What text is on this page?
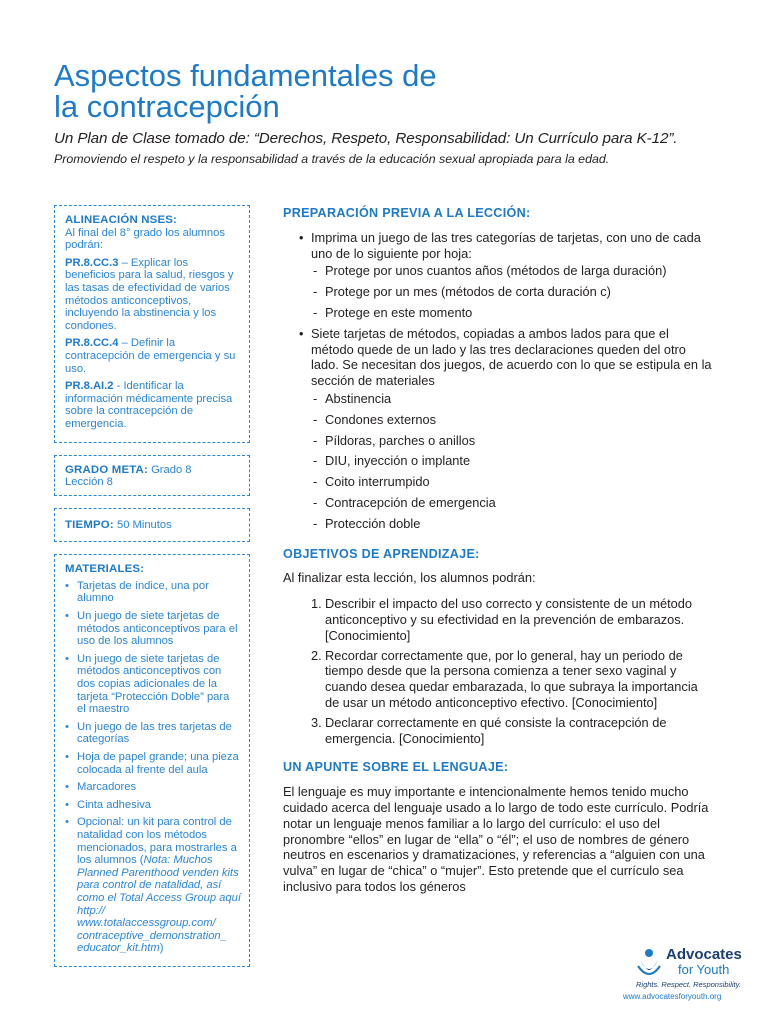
Aspectos fundamentales de
la contracepción
Un Plan de Clase tomado de: “Derechos, Respeto, Responsabilidad: Un Currículo para K-12”.
Promoviendo el respeto y la responsabilidad a través de la educación sexual apropiada para la edad.
ALINEACIÓN NSES:

Al final del 8° grado los alumnos podrán:

PR.8.CC.3 – Explicar los beneficios para la salud, riesgos y las tasas de efectividad de varios métodos anticonceptivos, incluyendo la abstinencia y los condones.

PR.8.CC.4 – Definir la contracepción de emergencia y su uso.

PR.8.AI.2 - Identificar la información médicamente precisa sobre la contracepción de emergencia.

GRADO META: Grado 8
Lección 8
TIEMPO: 50 Minutos
MATERIALES:
• Tarjetas de índice, una por alumno
• Un juego de siete tarjetas de métodos anticonceptivos para el uso de los alumnos
• Un juego de siete tarjetas de métodos anticonceptivos con dos copias adicionales de la tarjeta “Protección Doble” para el maestro
• Un juego de las tres tarjetas de categorías
• Hoja de papel grande; una pieza colocada al frente del aula
• Marcadores
• Cinta adhesiva
• Opcional: un kit para control de natalidad con los métodos mencionados, para mostrarles a los alumnos (Nota: Muchos Planned Parenthood venden kits para control de natalidad, así como el Total Access Group aquí http:// www.totalaccessgroup.com/ contraceptive_demonstration_ educator_kit.htm)
PREPARACIÓN PREVIA A LA LECCIÓN:
• Imprima un juego de las tres categorías de tarjetas, con uno de cada uno de lo siguiente por hoja:
- Protege por unos cuantos años (métodos de larga duración)
- Protege por un mes (métodos de corta duración c)
- Protege en este momento
• Siete tarjetas de métodos, copiadas a ambos lados para que el método quede de un lado y las tres declaraciones queden del otro lado. Se necesitan dos juegos, de acuerdo con lo que se estipula en la sección de materiales
- Abstinencia
- Condones externos
- Píldoras, parches o anillos
- DIU, inyección o implante
- Coito interrumpido
- Contracepción de emergencia
- Protección doble
OBJETIVOS DE APRENDIZAJE:
Al finalizar esta lección, los alumnos podrán:
1. Describir el impacto del uso correcto y consistente de un método anticonceptivo y su efectividad en la prevención de embarazos. [Conocimiento]
2. Recordar correctamente que, por lo general, hay un periodo de tiempo desde que la persona comienza a tener sexo vaginal y cuando desea quedar embarazada, lo que subraya la importancia de usar un método anticonceptivo efectivo. [Conocimiento]
3. Declarar correctamente en qué consiste la contracepción de emergencia. [Conocimiento]
UN APUNTE SOBRE EL LENGUAJE:
El lenguaje es muy importante e intencionalmente hemos tenido mucho cuidado acerca del lenguaje usado a lo largo de todo este currículo. Podría notar un lenguaje menos familiar a lo largo del currículo: el uso del pronombre “ellos” en lugar de “ella” o “él”; el uso de nombres de género neutros en escenarios y dramatizaciones, y referencias a “alguien con una vulva” en lugar de “chica” o “mujer”. Esto pretende que el currículo sea inclusivo para todos los géneros
Advocates
for Youth
Rights. Respect. Responsibility.
www.advocatesforyouth.org
